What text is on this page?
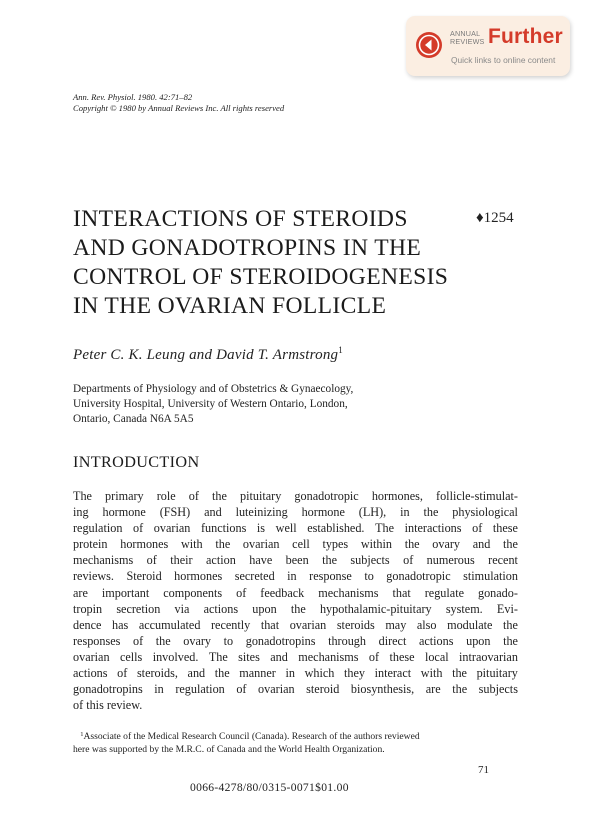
ANNUAL
REVIEWS Further
Quick links to online content
Ann. Rev. Physiol. 1980. 42:71–82
Copyright © 1980 by Annual Reviews Inc. All rights reserved
INTERACTIONS OF STEROIDS
AND GONADOTROPINS IN THE
CONTROL OF STEROIDOGENESIS
IN THE OVARIAN FOLLICLE
♦1254
Peter C. K. Leung and David T. Armstrong$^1$
Departments of Physiology and of Obstetrics & Gynaecology,
University Hospital, University of Western Ontario, London,
Ontario, Canada N6A 5A5
INTRODUCTION
The primary role of the pituitary gonadotropic hormones, follicle-stimulat-
ing hormone (FSH) and luteinizing hormone (LH), in the physiological
regulation of ovarian functions is well established. The interactions of these
protein hormones with the ovarian cell types within the ovary and the
mechanisms of their action have been the subjects of numerous recent
reviews. Steroid hormones secreted in response to gonadotropic stimulation
are important components of feedback mechanisms that regulate gonado-
tropin secretion via actions upon the hypothalamic-pituitary system. Evi-
dence has accumulated recently that ovarian steroids may also modulate the
responses of the ovary to gonadotropins through direct actions upon the
ovarian cells involved. The sites and mechanisms of these local intraovarian
actions of steroids, and the manner in which they interact with the pituitary
gonadotropins in regulation of ovarian steroid biosynthesis, are the subjects
of this review.
$^1$Associate of the Medical Research Council (Canada). Research of the authors reviewed
here was supported by the M.R.C. of Canada and the World Health Organization.
71
0066-4278/80/0315-0071$01.00
